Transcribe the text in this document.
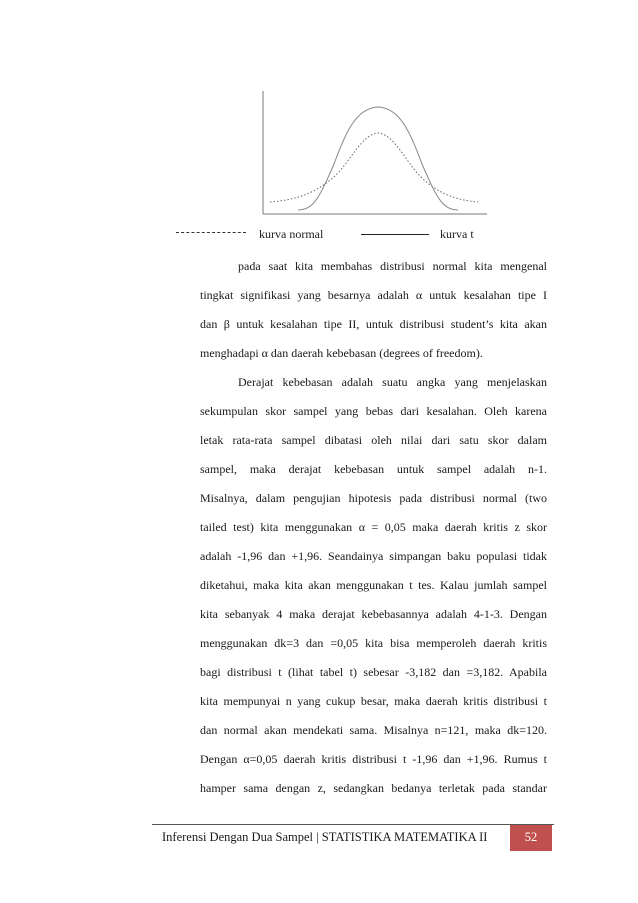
kurva normal	kurva t
pada saat kita membahas distribusi normal kita mengenal
tingkat signifikasi yang besarnya adalah α untuk kesalahan tipe I
dan β untuk kesalahan tipe II, untuk distribusi student’s kita akan
menghadapi α dan daerah kebebasan (degrees of freedom).
Derajat kebebasan adalah suatu angka yang menjelaskan
sekumpulan skor sampel yang bebas dari kesalahan. Oleh karena
letak rata-rata sampel dibatasi oleh nilai dari satu skor dalam
sampel, maka derajat kebebasan untuk sampel adalah n-1.
Misalnya, dalam pengujian hipotesis pada distribusi normal (two
tailed test) kita menggunakan α = 0,05 maka daerah kritis z skor
adalah -1,96 dan +1,96. Seandainya simpangan baku populasi tidak
diketahui, maka kita akan menggunakan t tes. Kalau jumlah sampel
kita sebanyak 4 maka derajat kebebasannya adalah 4-1-3. Dengan
menggunakan dk=3 dan =0,05 kita bisa memperoleh daerah kritis
bagi distribusi t (lihat tabel t) sebesar -3,182 dan =3,182. Apabila
kita mempunyai n yang cukup besar, maka daerah kritis distribusi t
dan normal akan mendekati sama. Misalnya n=121, maka dk=120.
Dengan α=0,05 daerah kritis distribusi t -1,96 dan +1,96. Rumus t
hamper sama dengan z, sedangkan bedanya terletak pada standar
Inferensi Dengan Dua Sampel | STATISTIKA MATEMATIKA II	52
